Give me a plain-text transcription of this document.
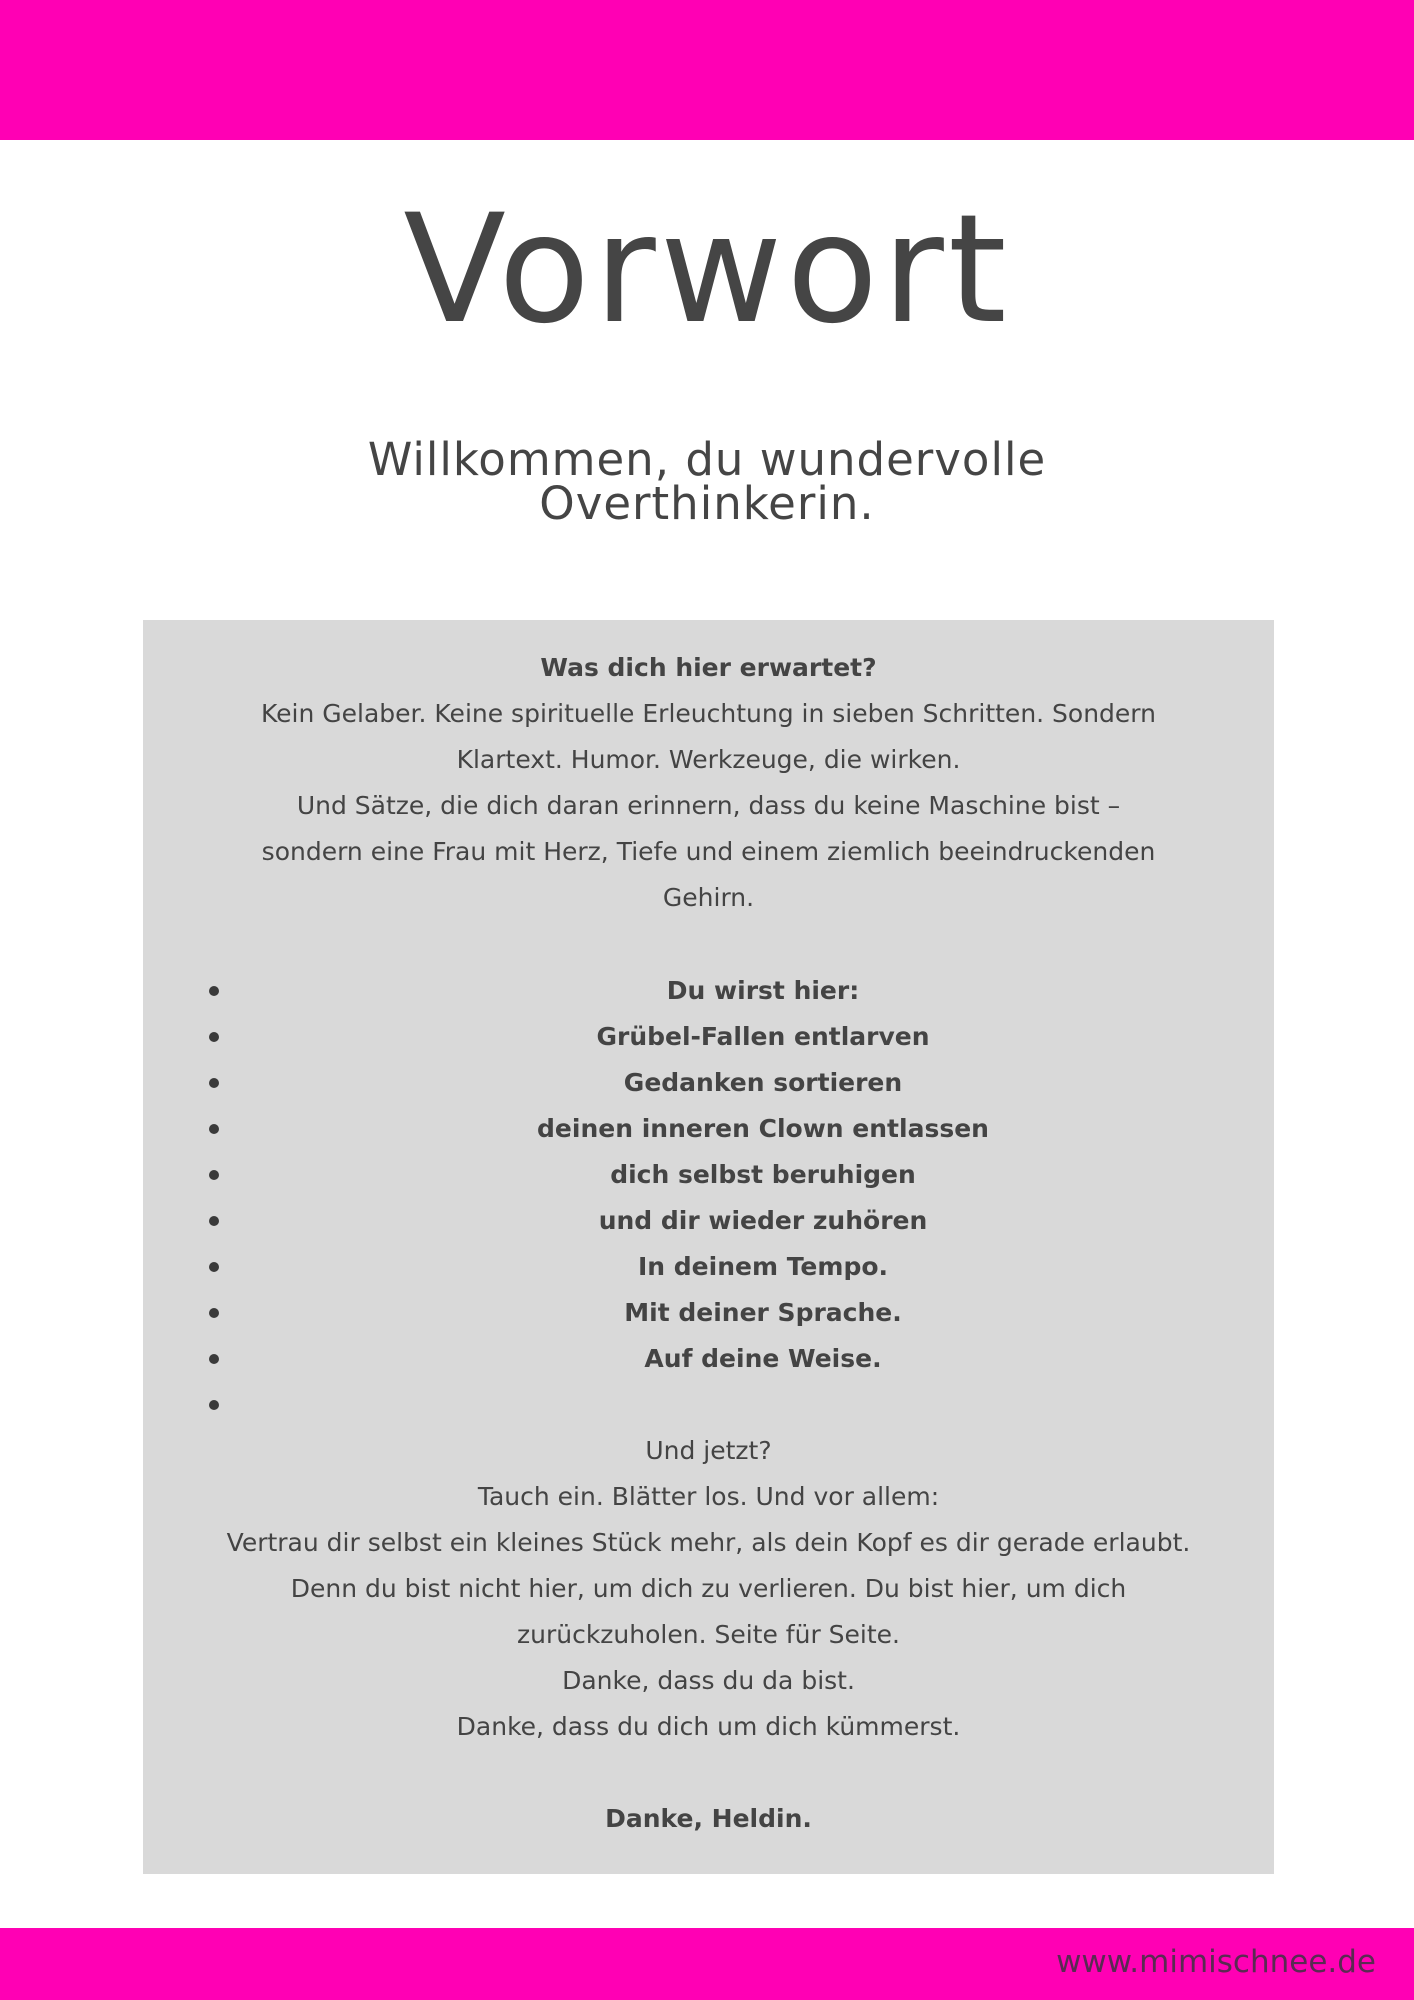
Vorwort
Willkommen, du wundervolle
Overthinkerin.
Was dich hier erwartet?
Kein Gelaber. Keine spirituelle Erleuchtung in sieben Schritten. Sondern
Klartext. Humor. Werkzeuge, die wirken.
Und Sätze, die dich daran erinnern, dass du keine Maschine bist –
sondern eine Frau mit Herz, Tiefe und einem ziemlich beeindruckenden
Gehirn.
Du wirst hier:
Grübel-Fallen entlarven
Gedanken sortieren
deinen inneren Clown entlassen
dich selbst beruhigen
und dir wieder zuhören
In deinem Tempo.
Mit deiner Sprache.
Auf deine Weise.
Und jetzt?
Tauch ein. Blätter los. Und vor allem:
Vertrau dir selbst ein kleines Stück mehr, als dein Kopf es dir gerade erlaubt.
Denn du bist nicht hier, um dich zu verlieren. Du bist hier, um dich
zurückzuholen. Seite für Seite.
Danke, dass du da bist.
Danke, dass du dich um dich kümmerst.
Danke, Heldin.
www.mimischnee.de
